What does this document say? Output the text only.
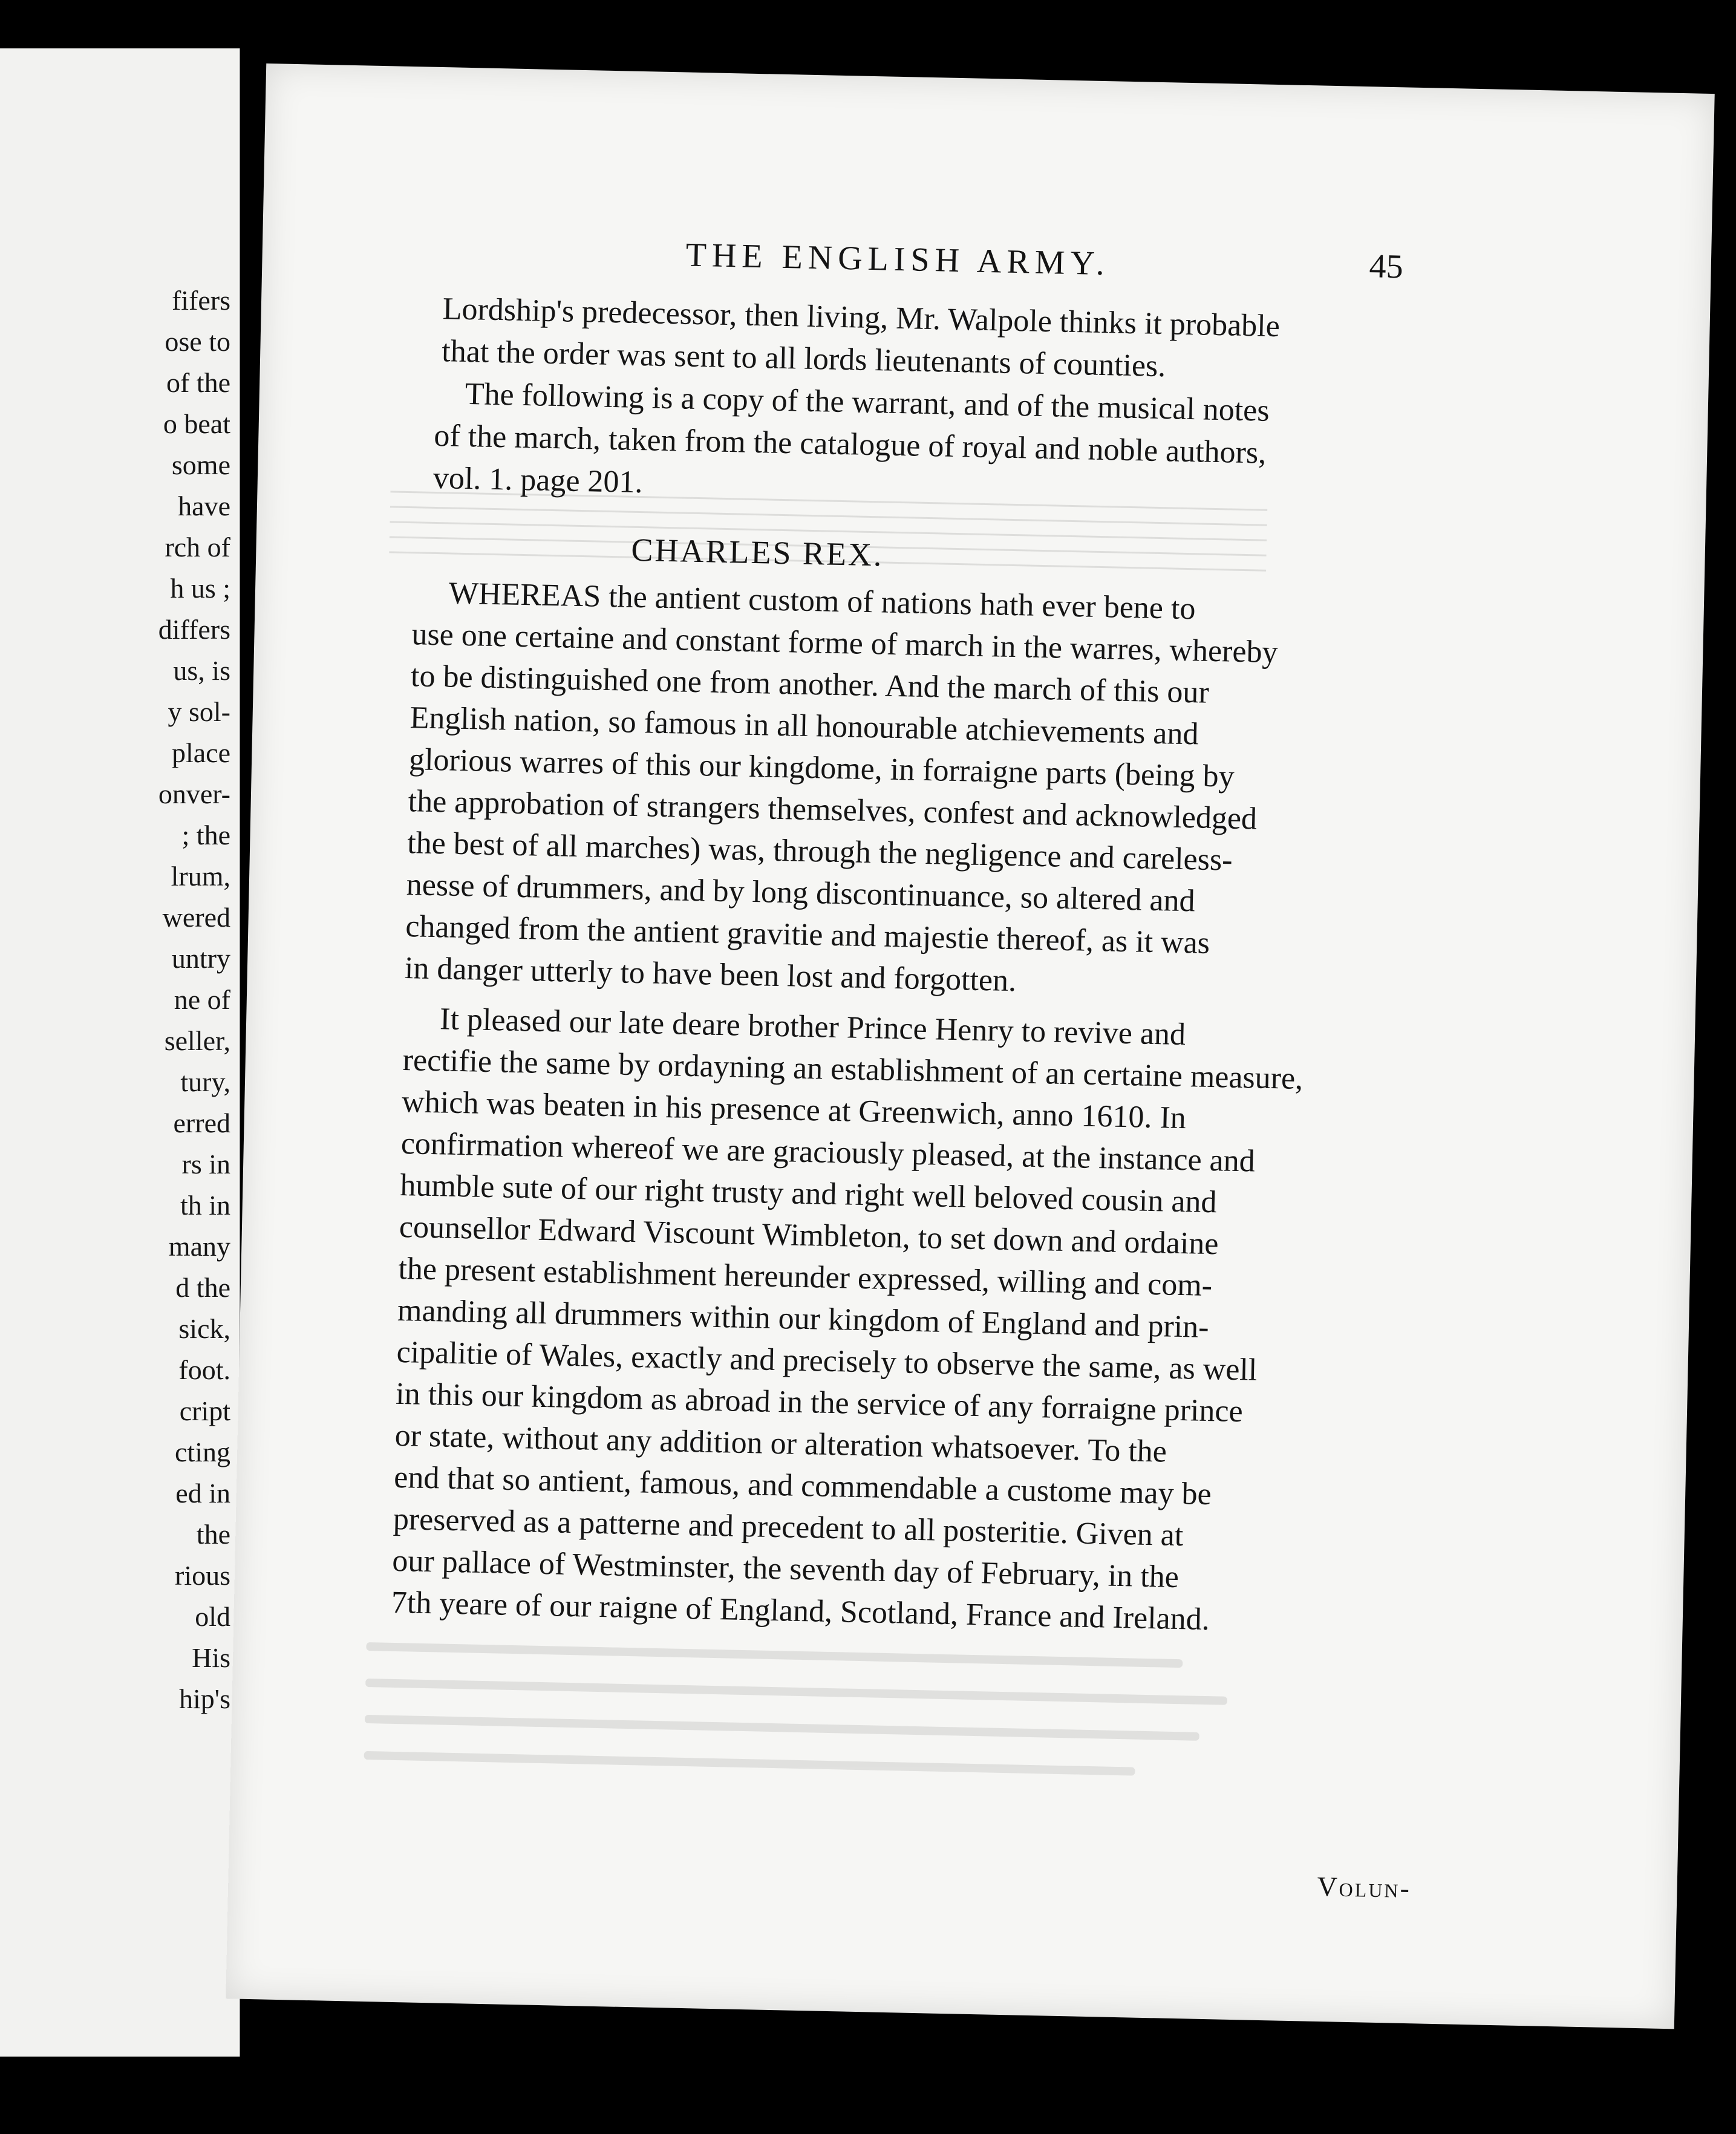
fifers
ose to
of the
o beat
some
have
rch of
h us ;
differs
us, is
y sol-
place
onver-
; the
lrum,
wered
untry
ne of
seller,
tury,
erred
rs in
th in
many
d the
sick,
foot.
cript
cting
ed in
the
rious
old
His
hip's
THE ENGLISH ARMY.	45
Lordship's predecessor, then living, Mr. Walpole thinks it probable
that the order was sent to all lords lieutenants of counties.
The following is a copy of the warrant, and of the musical notes
of the march, taken from the catalogue of royal and noble authors,
vol. 1. page 201.
WHEREAS the antient custom of nations hath ever bene to
use one certaine and constant forme of march in the warres, whereby
to be distinguished one from another. And the march of this our
English nation, so famous in all honourable atchievements and
glorious warres of this our kingdome, in forraigne parts (being by
the approbation of strangers themselves, confest and acknowledged
the best of all marches) was, through the negligence and careless-
nesse of drummers, and by long discontinuance, so altered and
changed from the antient gravitie and majestie thereof, as it was
in danger utterly to have been lost and forgotten.
It pleased our late deare brother Prince Henry to revive and
rectifie the same by ordayning an establishment of an certaine measure,
which was beaten in his presence at Greenwich, anno 1610. In
confirmation whereof we are graciously pleased, at the instance and
humble sute of our right trusty and right well beloved cousin and
counsellor Edward Viscount Wimbleton, to set down and ordaine
the present establishment hereunder expressed, willing and com-
manding all drummers within our kingdom of England and prin-
cipalitie of Wales, exactly and precisely to observe the same, as well
in this our kingdom as abroad in the service of any forraigne prince
or state, without any addition or alteration whatsoever. To the
end that so antient, famous, and commendable a custome may be
preserved as a patterne and precedent to all posteritie. Given at
our pallace of Westminster, the seventh day of February, in the
7th yeare of our raigne of England, Scotland, France and Ireland.
CHARLES REX.
Volun-
